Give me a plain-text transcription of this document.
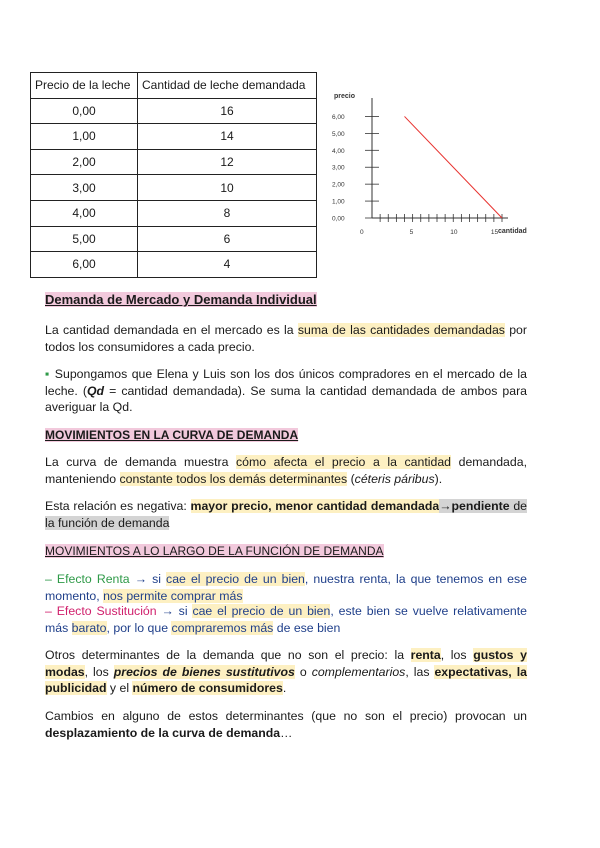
Precio de la leche	Cantidad de leche demandada
0,00	16
1,00	14
2,00	12
3,00	10
4,00	8
5,00	6
6,00	4
precio
6,00
5,00
4,00
3,00
2,00
1,00
0,00
0	5	10	15 cantidad
Demanda de Mercado y Demanda Individual
La cantidad demandada en el mercado es la suma de las cantidades demandadas por todos los consumidores a cada precio.
▪ Supongamos que Elena y Luis son los dos únicos compradores en el mercado de la leche. (Qd = cantidad demandada). Se suma la cantidad demandada de ambos para averiguar la Qd.
MOVIMIENTOS EN LA CURVA DE DEMANDA
La curva de demanda muestra cómo afecta el precio a la cantidad demandada, manteniendo constante todos los demás determinantes (céteris páribus).
Esta relación es negativa: mayor precio, menor cantidad demandada→pendiente de la función de demanda
MOVIMIENTOS A LO LARGO DE LA FUNCIÓN DE DEMANDA
– Efecto Renta → si cae el precio de un bien, nuestra renta, la que tenemos en ese momento, nos permite comprar más
– Efecto Sustitución → si cae el precio de un bien, este bien se vuelve relativamente más barato, por lo que compraremos más de ese bien
Otros determinantes de la demanda que no son el precio: la renta, los gustos y modas, los precios de bienes sustitutivos o complementarios, las expectativas, la publicidad y el número de consumidores.
Cambios en alguno de estos determinantes (que no son el precio) provocan un desplazamiento de la curva de demanda…
